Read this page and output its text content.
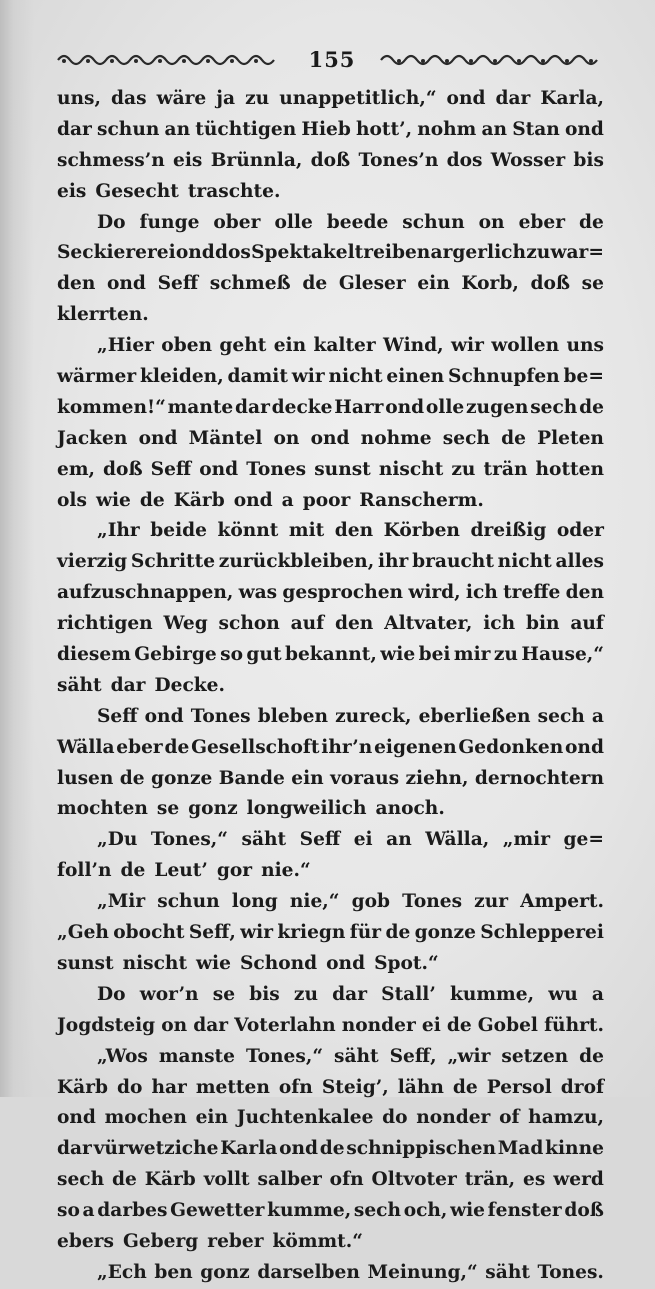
155
uns, das wäre ja zu unappetitlich,“ ond dar Karla,
dar schun an tüchtigen Hieb hott’, nohm an Stan ond
schmess’n eis Brünnla, doß Tones’n dos Wosser bis
eis Gesecht traschte.
Do funge ober olle beede schun on eber de
Seckiererei ond dos Spektakeltreiben argerlich zu war=
den ond Seff schmeß de Gleser ein Korb, doß se
klerrten.
„Hier oben geht ein kalter Wind, wir wollen uns
wärmer kleiden, damit wir nicht einen Schnupfen be=
kommen!“ mante dar decke Harr ond olle zugen sech de
Jacken ond Mäntel on ond nohme sech de Pleten
em, doß Seff ond Tones sunst nischt zu trän hotten
ols wie de Kärb ond a poor Ranscherm.
„Ihr beide könnt mit den Körben dreißig oder
vierzig Schritte zurückbleiben, ihr braucht nicht alles
aufzuschnappen, was gesprochen wird, ich treffe den
richtigen Weg schon auf den Altvater, ich bin auf
diesem Gebirge so gut bekannt, wie bei mir zu Hause,“
säht dar Decke.
Seff ond Tones bleben zureck, eberließen sech a
Wälla eber de Gesellschoft ihr’n eigenen Gedonken ond
lusen de gonze Bande ein voraus ziehn, dernochtern
mochten se gonz longweilich anoch.
„Du Tones,“ säht Seff ei an Wälla, „mir ge=
foll’n de Leut’ gor nie.“
„Mir schun long nie,“ gob Tones zur Ampert.
„Geh obocht Seff, wir kriegn für de gonze Schlepperei
sunst nischt wie Schond ond Spot.“
Do wor’n se bis zu dar Stall’ kumme, wu a
Jogdsteig on dar Voterlahn nonder ei de Gobel führt.
„Wos manste Tones,“ säht Seff, „wir setzen de
Kärb do har metten ofn Steig’, lähn de Persol drof
ond mochen ein Juchtenkalee do nonder of hamzu,
dar vürwetziche Karla ond de schnippischen Mad kinne
sech de Kärb vollt salber ofn Oltvoter trän, es werd
so a darbes Gewetter kumme, sech och, wie fenster doß
ebers Geberg reber kömmt.“
„Ech ben gonz darselben Meinung,“ säht Tones.
